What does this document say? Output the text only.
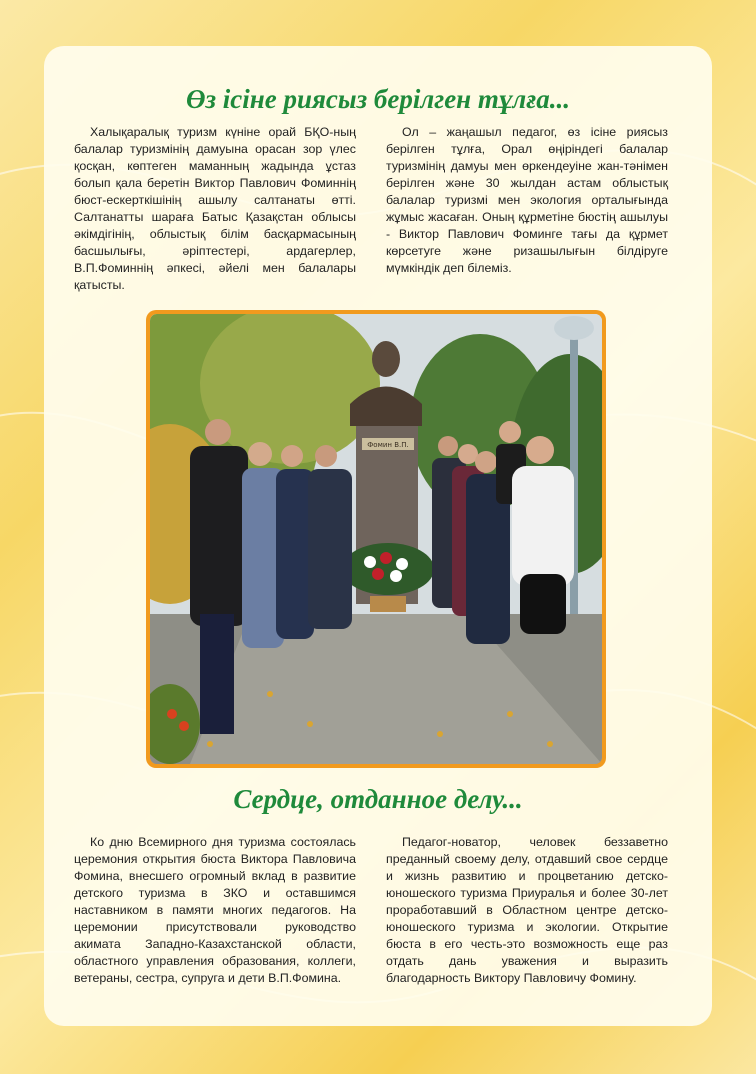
Өз ісіне риясыз берілген тұлға...

Халықаралық туризм күніне орай БҚО-ның балалар туризмінің дамуына орасан зор үлес қосқан, көптеген маманның жадында ұстаз болып қала беретін Виктор Павлович Фоминнің бюст-ескерткішінің ашылу салтанаты өтті. Салтанатты шараға Батыс Қазақстан облысы әкімдігінің, облыстық білім басқармасының басшылығы, әріптестері, ардагерлер, В.П.Фоминнің әпкесі, әйелі мен балалары қатысты.

Ол – жаңашыл педагог, өз ісіне риясыз берілген тұлға, Орал өңіріндегі балалар туризмінің дамуы мен өркендеуіне жан-тәнімен берілген және 30 жылдан астам облыстық балалар туризмі мен экология орталығында жұмыс жасаған. Оның құрметіне бюстің ашылуы - Виктор Павлович Фоминге тағы да құрмет көрсетуге және ризашылығын білдіруге мүмкіндік деп білеміз.

Фомин В.П.
Сердце, отданное делу...

Ко дню Всемирного дня туризма состоялась церемония открытия бюста Виктора Павловича Фомина, внесшего огромный вклад в развитие детского туризма в ЗКО и оставшимся наставником в памяти многих педагогов. На церемонии присутствовали руководство акимата Западно-Казахстанской области, областного управления образования, коллеги, ветераны, сестра, супруга и дети В.П.Фомина.

Педагог-новатор, человек беззаветно преданный своему делу, отдавший свое сердце и жизнь развитию и процветанию детско-юношеского туризма Приуралья и более 30-лет проработавший в Областном центре детско-юношеского туризма и экологии. Открытие бюста в его честь-это возможность еще раз отдать дань уважения и выразить благодарность Виктору Павловичу Фомину.
